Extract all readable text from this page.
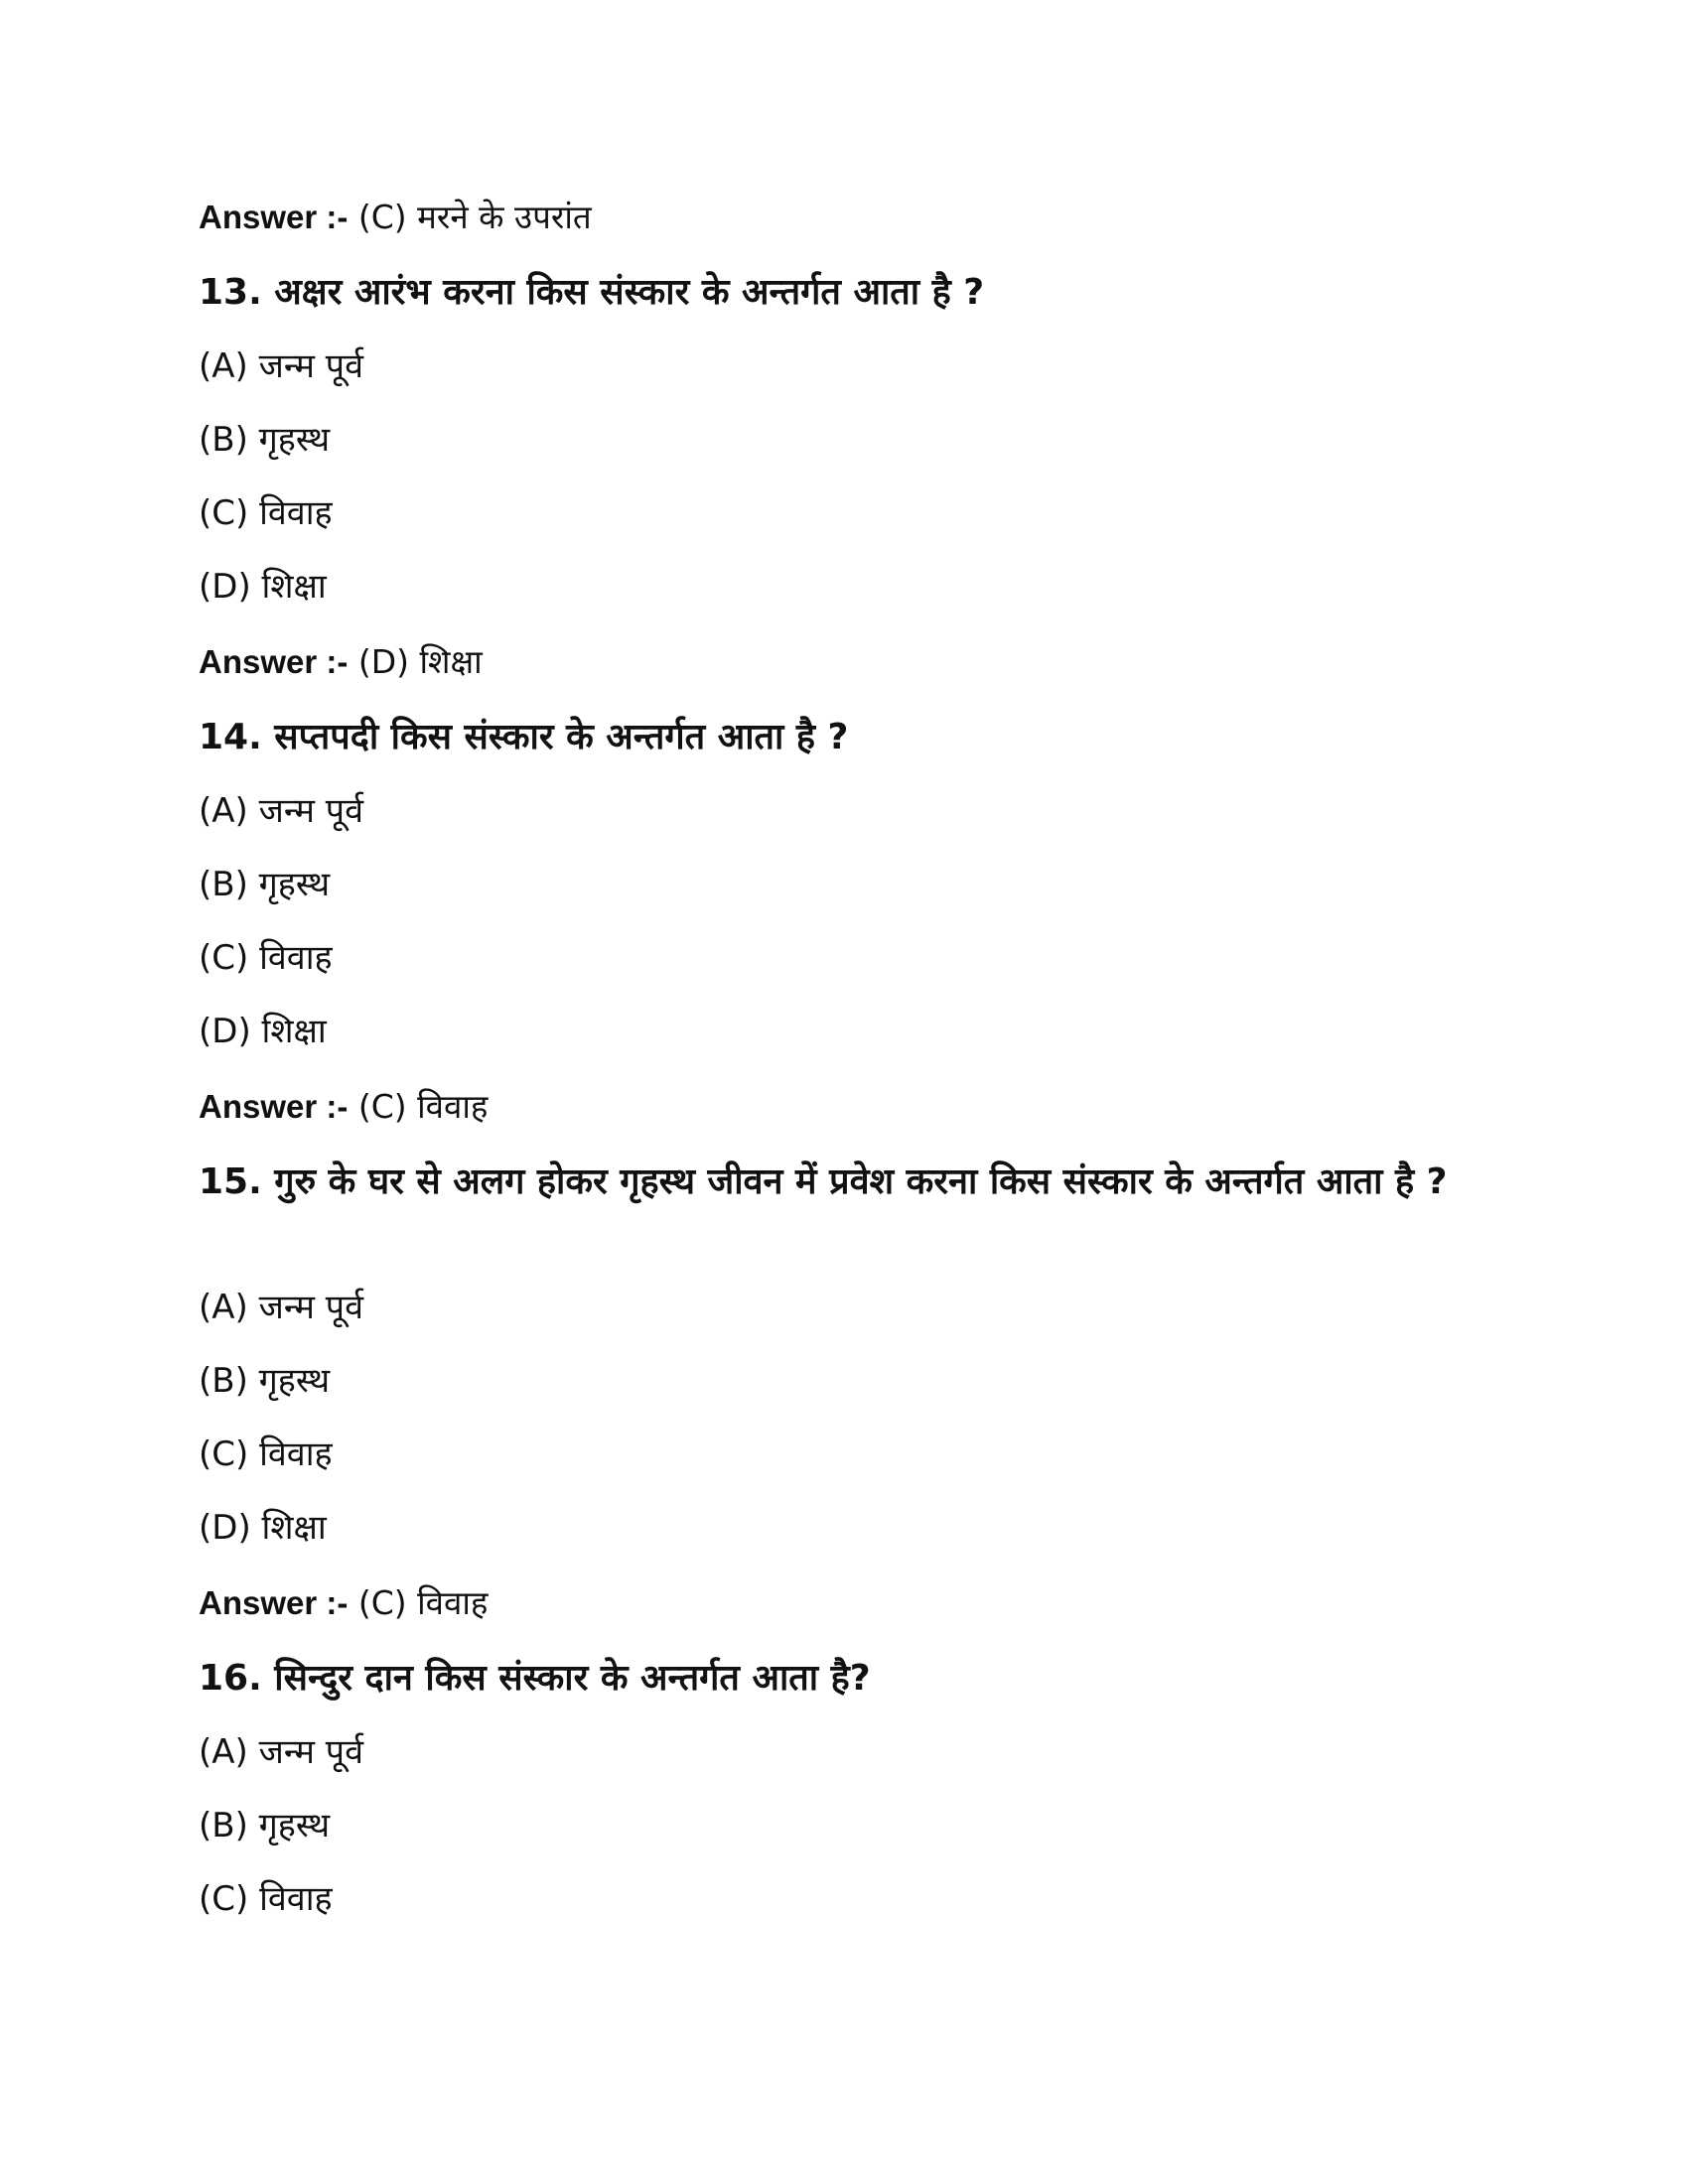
Answer :- (C) मरने के उपरांत
13. अक्षर आरंभ करना किस संस्कार के अन्तर्गत आता है ?
(A) जन्म पूर्व
(B) गृहस्थ
(C) विवाह
(D) शिक्षा
Answer :- (D) शिक्षा
14. सप्तपदी किस संस्कार के अन्तर्गत आता है ?
(A) जन्म पूर्व
(B) गृहस्थ
(C) विवाह
(D) शिक्षा
Answer :- (C) विवाह
15. गुरु के घर से अलग होकर गृहस्थ जीवन में प्रवेश करना किस संस्कार के अन्तर्गत आता है ?
(A) जन्म पूर्व
(B) गृहस्थ
(C) विवाह
(D) शिक्षा
Answer :- (C) विवाह
16. सिन्दुर दान किस संस्कार के अन्तर्गत आता है?
(A) जन्म पूर्व
(B) गृहस्थ
(C) विवाह
